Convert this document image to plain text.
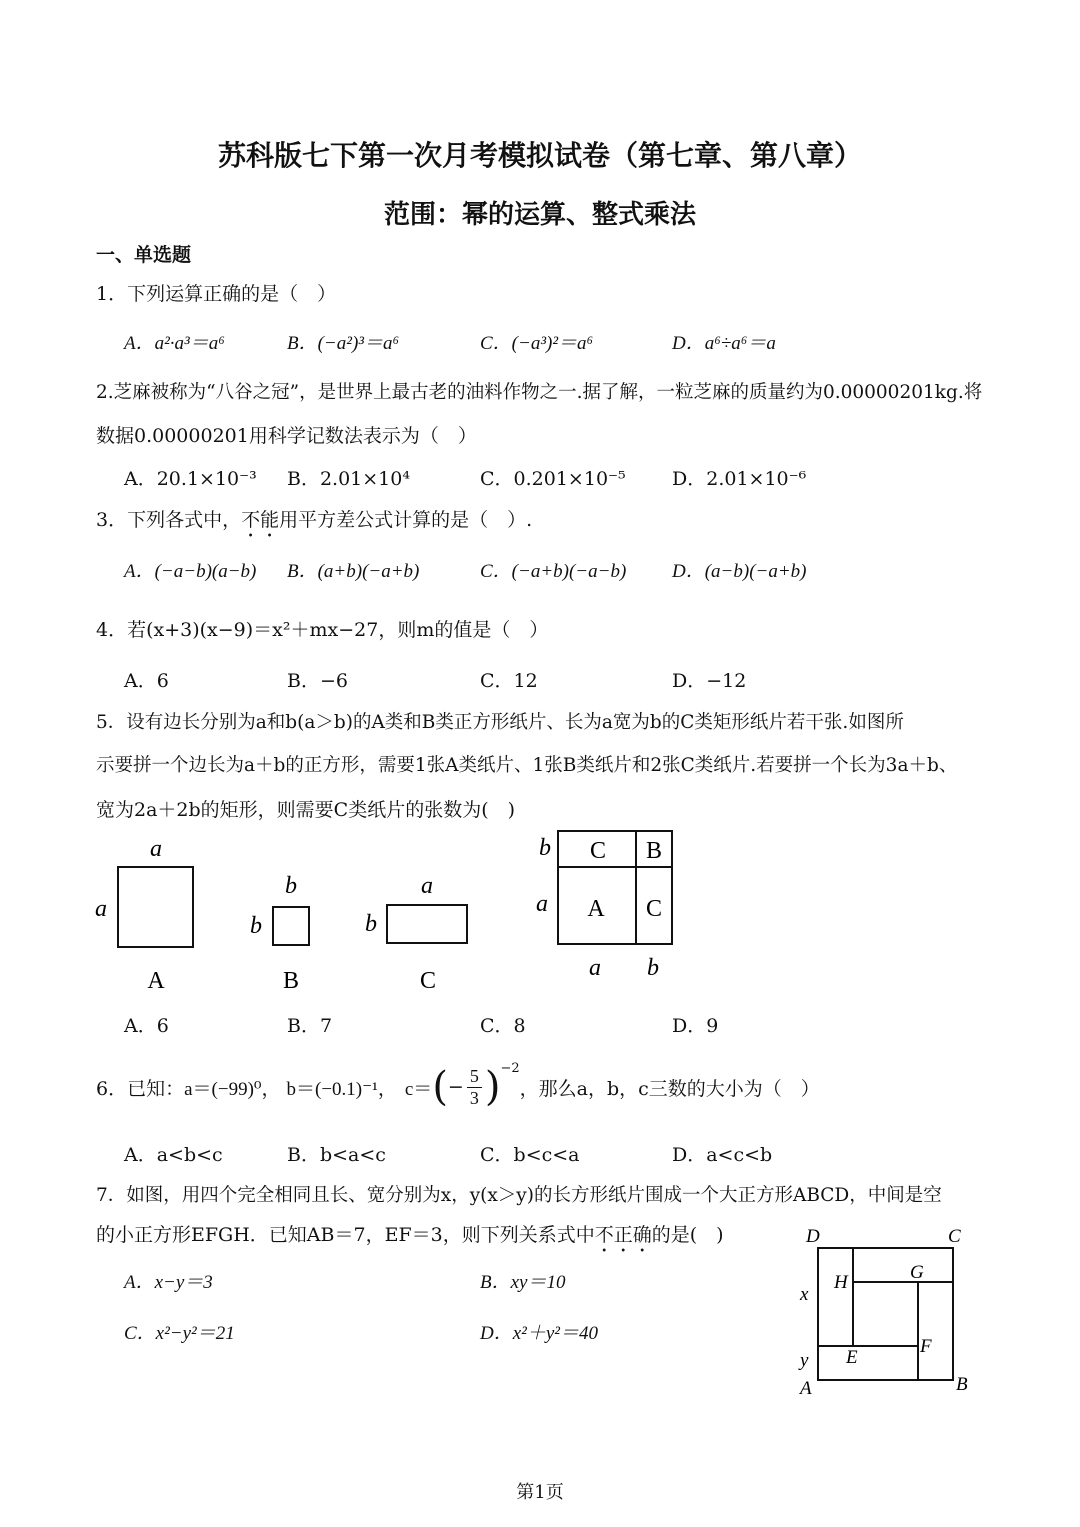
苏科版七下第一次月考模拟试卷（第七章、第八章）
范围：幂的运算、整式乘法
一、单选题
1．下列运算正确的是（　）
A．a²·a³＝a⁶	B．(−a²)³＝a⁶	C．(−a³)²＝a⁶	D．a⁶÷a⁶＝a
2.芝麻被称为“八谷之冠”，是世界上最古老的油料作物之一.据了解，一粒芝麻的质量约为0.00000201kg.将
数据0.00000201用科学记数法表示为（　）
A．20.1×10⁻³ B．2.01×10⁴	C．0.201×10⁻⁵ D．2.01×10⁻⁶
3．下列各式中，不能用平方差公式计算的是（　）.
A．(−a−b)(a−b) B．(a+b)(−a+b)	C．(−a+b)(−a−b) D．(a−b)(−a+b)
4．若(x+3)(x−9)＝x²＋mx−27，则m的值是（　）
A．6	B．−6	C．12	D．−12
5．设有边长分别为a和b(a＞b)的A类和B类正方形纸片、长为a宽为b的C类矩形纸片若干张.如图所
示要拼一个边长为a＋b的正方形，需要1张A类纸片、1张B类纸片和2张C类纸片.若要拼一个长为3a＋b、
宽为2a＋2b的矩形，则需要C类纸片的张数为(　)
a
a
A
b
b
B
a
b
C
C B
A C
b
a
a b
A．6	B．7	C．8	D．9
6．已知： a＝(−99)⁰， b＝(−0.1)⁻¹， c＝ ( − $\frac{5}{3} )^{-2}$
，那么a，b，c三数的大小为（　）
A．a<b<c	B．b<a<c	C．b<c<a	D．a<c<b
7．如图，用四个完全相同且长、宽分别为x，y(x＞y)的长方形纸片围成一个大正方形ABCD，中间是空
的小正方形EFGH．已知AB＝7，EF＝3，则下列关系式中不正确的是(　)
A．x−y＝3	B．xy＝10
C．x²−y²＝21	D．x²＋y²＝40
D	C
A	B
H	G
E
F
x
y
第1页
